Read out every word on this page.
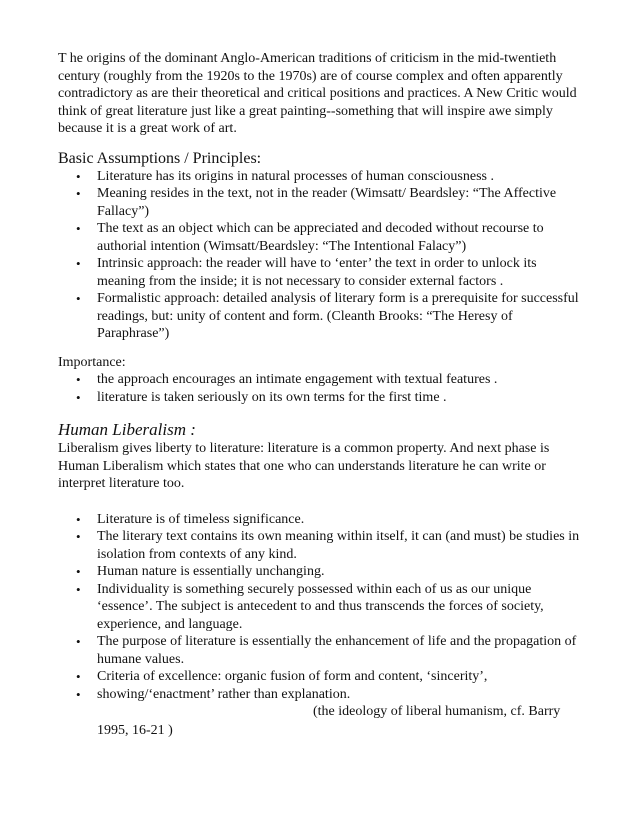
T he origins of the dominant Anglo-American traditions of criticism in the mid-twentieth century (roughly from the 1920s to the 1970s) are of course complex and often apparently contradictory as are their theoretical and critical positions and practices. A New Critic would think of great literature just like a great painting--something that will inspire awe simply because it is a great work of art.

Basic Assumptions / Principles:

• Literature has its origins in natural processes of human consciousness .
• Meaning resides in the text, not in the reader (Wimsatt/ Beardsley: “The Affective Fallacy”)
• The text as an object which can be appreciated and decoded without recourse to authorial intention (Wimsatt/Beardsley: “The Intentional Falacy”)
• Intrinsic approach: the reader will have to ‘enter’ the text in order to unlock its meaning from the inside; it is not necessary to consider external factors .
• Formalistic approach: detailed analysis of literary form is a prerequisite for successful readings, but: unity of content and form. (Cleanth Brooks: “The Heresy of Paraphrase”)

Importance:

• the approach encourages an intimate engagement with textual features .
• literature is taken seriously on its own terms for the first time .

Human Liberalism :

Liberalism gives liberty to literature: literature is a common property. And next phase is Human Liberalism which states that one who can understands literature he can write or interpret literature too.

• Literature is of timeless significance.
• The literary text contains its own meaning within itself, it can (and must) be studies in isolation from contexts of any kind.
• Human nature is essentially unchanging.
• Individuality is something securely possessed within each of us as our unique ‘essence’. The subject is antecedent to and thus transcends the forces of society, experience, and language.
• The purpose of literature is essentially the enhancement of life and the propagation of humane values.
• Criteria of excellence: organic fusion of form and content, ‘sincerity’,
• showing/‘enactment’ rather than explanation.
(the ideology of liberal humanism, cf. Barry
1995, 16-21 )
